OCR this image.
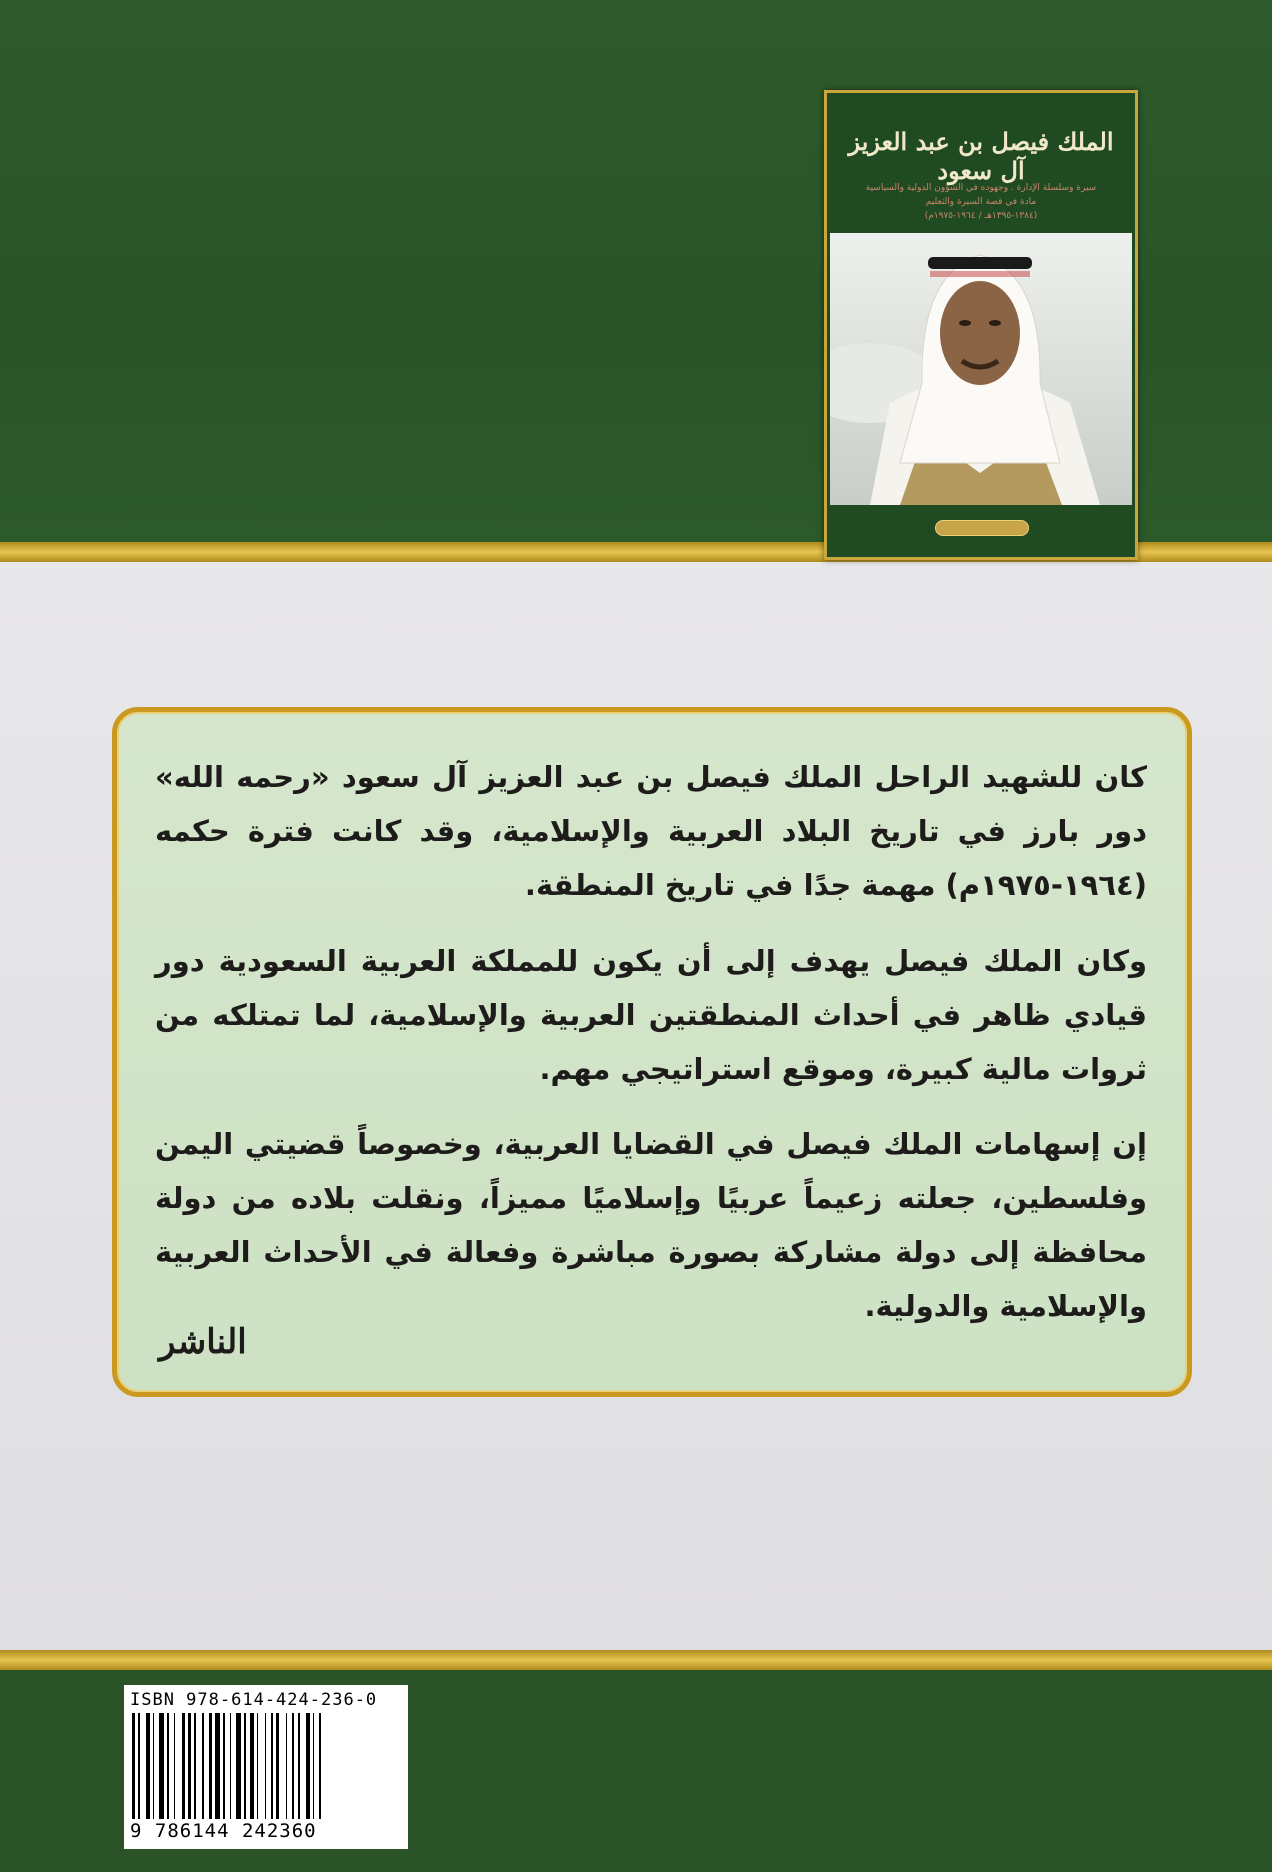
الملك فيصل بن عبد العزيز آل سعود
سيرة وسلسلة الإدارة . وجهوده في الشؤون الدولية والسياسية
مادة في قصة السيرة والتعليم
(١٣٨٤-١٣٩٥هـ / ١٩٦٤-١٩٧٥م)
كان للشهيد الراحل الملك فيصل بن عبد العزيز آل سعود «رحمه الله» دور بارز في تاريخ البلاد العربية والإسلامية، وقد كانت فترة حكمه (١٩٦٤-١٩٧٥م) مهمة جدًا في تاريخ المنطقة.
وكان الملك فيصل يهدف إلى أن يكون للمملكة العربية السعودية دور قيادي ظاهر في أحداث المنطقتين العربية والإسلامية، لما تمتلكه من ثروات مالية كبيرة، وموقع استراتيجي مهم.
إن إسهامات الملك فيصل في القضايا العربية، وخصوصاً قضيتي اليمن وفلسطين، جعلته زعيماً عربيًا وإسلاميًا مميزاً، ونقلت بلاده من دولة محافظة إلى دولة مشاركة بصورة مباشرة وفعالة في الأحداث العربية والإسلامية والدولية.
الناشر
ISBN 978-614-424-236-0
9 786144 242360
